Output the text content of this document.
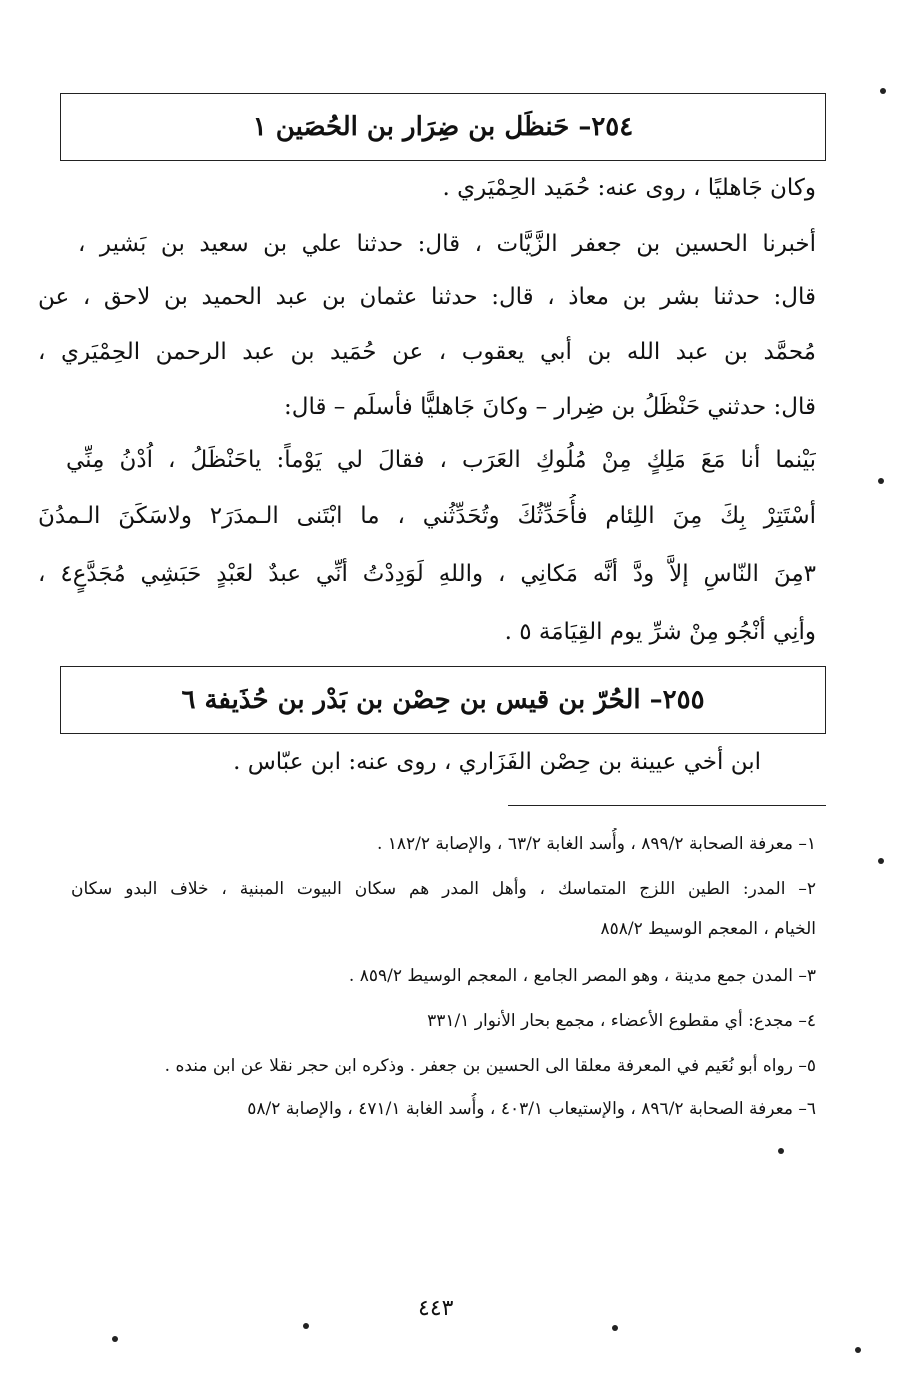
٢٥٤– حَنظَل بن ضِرَار بن الحُصَين ١
وكان جَاهليًا ، روى عنه: حُمَيد الحِمْيَري .
أخبرنا الحسين بن جعفر الزَّيَّات ، قال: حدثنا علي بن سعيد بن بَشير ،
قال: حدثنا بشر بن معاذ ، قال: حدثنا عثمان بن عبد الحميد بن لاحق ، عن
مُحمَّد بن عبد الله بن أبي يعقوب ، عن حُمَيد بن عبد الرحمن الحِمْيَري ،
قال: حدثني حَنْظَلُ بن ضِرار – وكانَ جَاهليًّا فأسلَم – قال:
بَيْنما أنا مَعَ مَلِكٍ مِنْ مُلُوكِ العَرَب ، فقالَ لي يَوْماً: ياحَنْظَلُ ، اُدْنُ مِنِّي
أسْتَتِرْ بِكَ مِنَ اللِئام فأُحَدِّثُكَ وتُحَدِّثُني ، ما ابْتَنى الـمدَرَ٢ ولاسَكَنَ الـمدُنَ
٣مِنَ النّاسِ إلاَّ ودَّ أنَّه مَكانِي ، واللهِ لَوَدِدْتُ أنِّي عبدٌ لعَبْدٍ حَبَشِي مُجَدَّعٍ٤ ،
وأنِي أنْجُو مِنْ شرِّ يوم القِيَامَة ٥ .
٢٥٥– الحُرّ بن قيس بن حِصْن بن بَدْر بن حُذَيفة ٦
ابن أخي عيينة بن حِصْن الفَزَاري ، روى عنه: ابن عبّاس .
١– معرفة الصحابة ٨٩٩/٢ ، وأُسد الغابة ٦٣/٢ ، والإصابة ١٨٢/٢ .
٢– المدر: الطين اللزج المتماسك ، وأهل المدر هم سكان البيوت المبنية ، خلاف البدو سكان
الخيام ، المعجم الوسيط ٨٥٨/٢
٣– المدن جمع مدينة ، وهو المصر الجامع ، المعجم الوسيط ٨٥٩/٢ .
٤– مجدع: أي مقطوع الأعضاء ، مجمع بحار الأنوار ٣٣١/١
٥– رواه أبو نُعَيم في المعرفة معلقا الى الحسين بن جعفر . وذكره ابن حجر نقلا عن ابن منده .
٦– معرفة الصحابة ٨٩٦/٢ ، والإستيعاب ٤٠٣/١ ، وأُسد الغابة ٤٧١/١ ، والإصابة ٥٨/٢
٤٤٣
